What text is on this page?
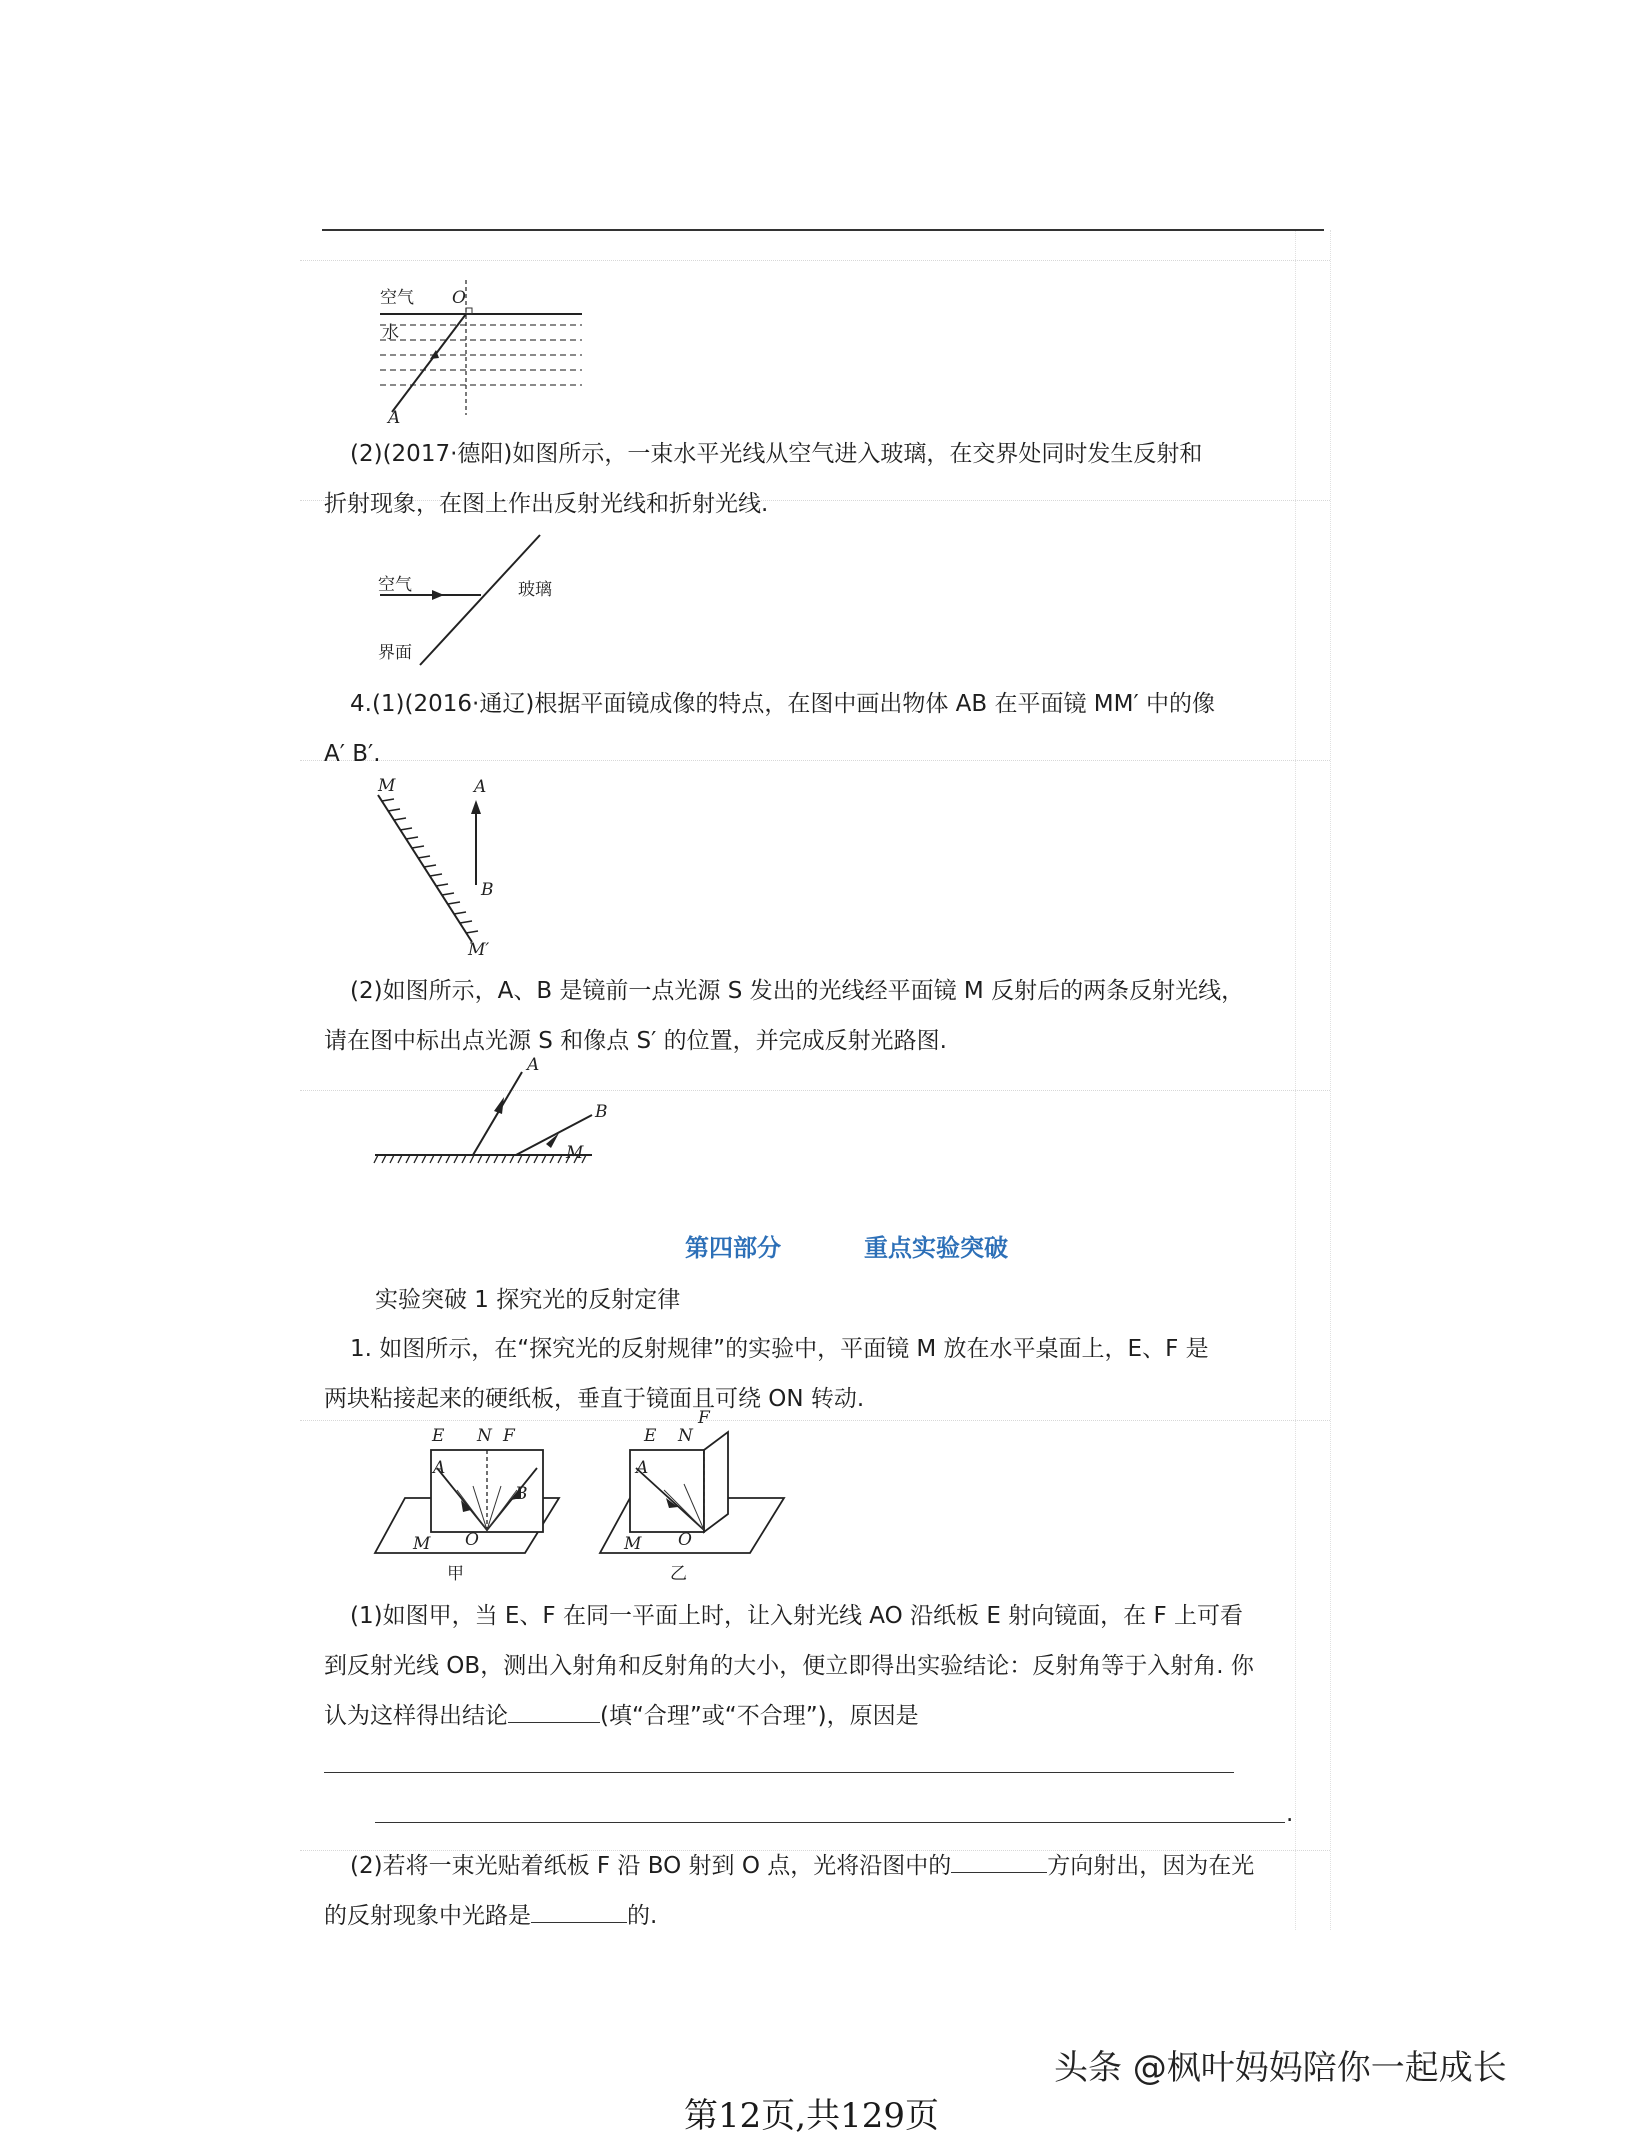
空气
水
O
A
(2)(2017·德阳)如图所示，一束水平光线从空气进入玻璃，在交界处同时发生反射和
折射现象，在图上作出反射光线和折射光线.
空气	玻璃
界面
4.(1)(2016·通辽)根据平面镜成像的特点，在图中画出物体 AB 在平面镜 MM′ 中的像
A′ B′.
M
M′
A
B
(2)如图所示，A、B 是镜前一点光源 S 发出的光线经平面镜 M 反射后的两条反射光线，
请在图中标出点光源 S 和像点 S′ 的位置，并完成反射光路图.
A
B
M
第四部分	重点实验突破
实验突破 1 探究光的反射定律
1. 如图所示，在“探究光的反射规律”的实验中，平面镜 M 放在水平桌面上，E、F 是
两块粘接起来的硬纸板，垂直于镜面且可绕 ON 转动.
E N F
A
B
O
M
甲
E N
F
A
O
M
乙
(1)如图甲，当 E、F 在同一平面上时，让入射光线 AO 沿纸板 E 射向镜面，在 F 上可看
到反射光线 OB，测出入射角和反射角的大小，便立即得出实验结论：反射角等于入射角. 你
认为这样得出结论	(填“合理”或“不合理”)，原因是
.
(2)若将一束光贴着纸板 F 沿 BO 射到 O 点，光将沿图中的	方向射出，因为在光
的反射现象中光路是	的.
头条 @枫叶妈妈陪你一起成长
第12页,共129页
